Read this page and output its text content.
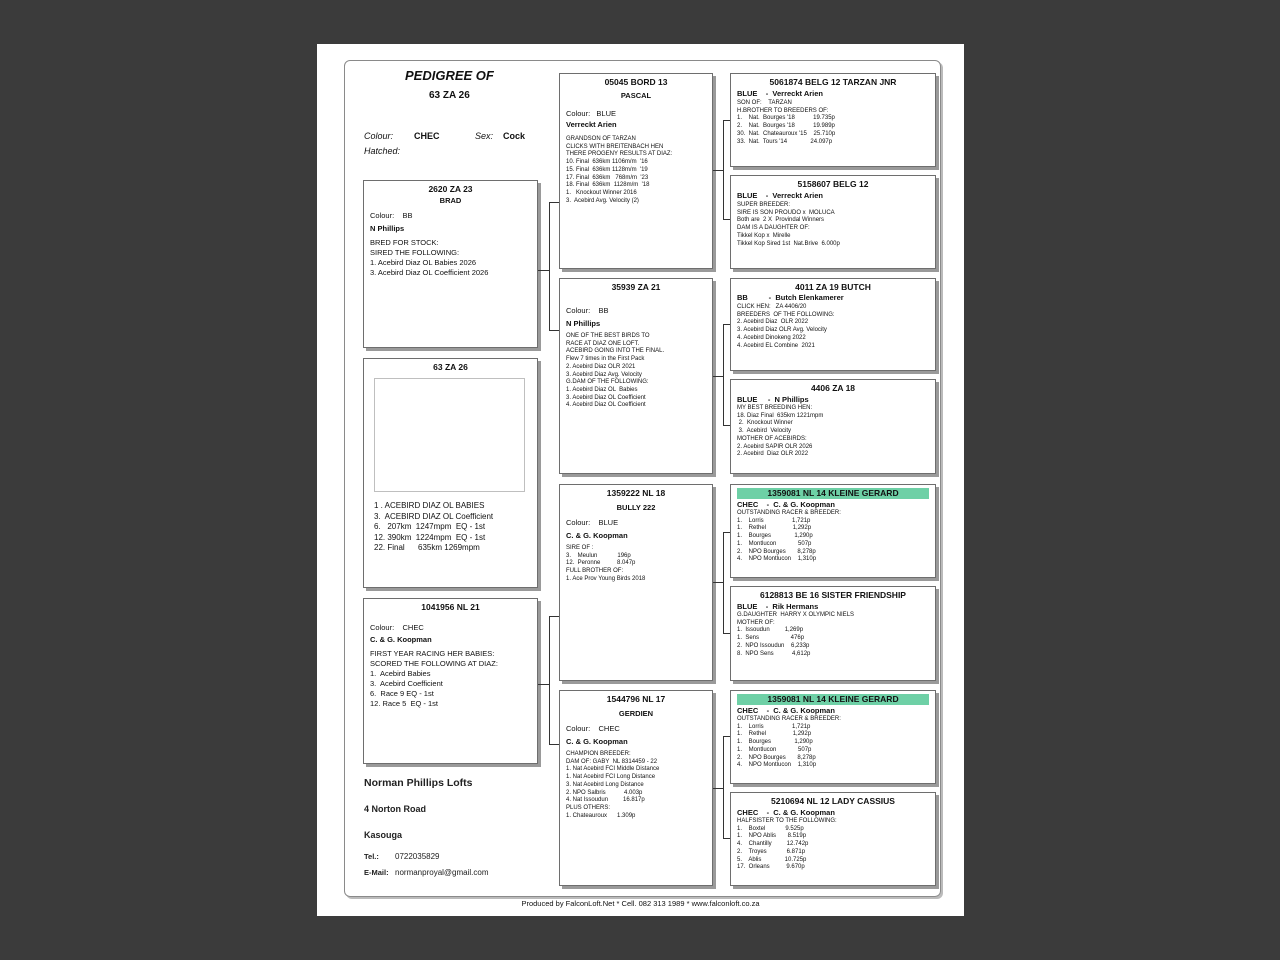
PEDIGREE OF
63 ZA 26
Colour: CHEC	Sex: Cock
Hatched:
2620 ZA 23
BRAD
Colour:    BB
N Phillips
BRED FOR STOCK:
SIRED THE FOLLOWING:
1. Acebird Diaz OL Babies 2026
3. Acebird Diaz OL Coefficient 2026
63 ZA 26
1 . ACEBIRD DIAZ OL BABIES
3.  ACEBIRD DIAZ OL Coefficient
6.   207km  1247mpm  EQ - 1st
12. 390km  1224mpm  EQ - 1st
22. Final      635km 1269mpm
1041956 NL 21
Colour:    CHEC
C. & G. Koopman
FIRST YEAR RACING HER BABIES:
SCORED THE FOLLOWING AT DIAZ:
1.  Acebird Babies
3.  Acebird Coefficient
6.  Race 9 EQ - 1st
12. Race 5  EQ - 1st
Norman Phillips Lofts
4 Norton Road
Kasouga
Tel.: 0722035829
E-Mail: normanproyal@gmail.com
05045 BORD 13
PASCAL
Colour:   BLUE
Verreckt Arien
GRANDSON OF TARZAN
CLICKS WITH BREITENBACH HEN
THERE PROGENY RESULTS AT DIAZ:
10. Final  636km 1106m/m  '16
15. Final  636km 1128m/m  '19
17. Final  636km   768m/m  '23
18. Final  636km  1128m/m  '18
1.   Knockout Winner 2016
3.  Acebird Avg. Velocity (2)
35939 ZA 21
Colour:    BB
N Phillips
ONE OF THE BEST BIRDS TO
RACE AT DIAZ ONE LOFT.
ACEBIRD GOING INTO THE FINAL.
Flew 7 times in the First Pack
2. Acebird Diaz OLR 2021
3. Acebird Diaz Avg. Velocity
G.DAM OF THE FOLLOWING:
1. Acebird Diaz OL  Babies
3. Acebird Diaz OL Coefficient
4. Acebird Diaz OL Coefficient
1359222 NL 18
BULLY 222
Colour:    BLUE
C. & G. Koopman
SIRE OF :
3.    Meulun            196p
12.  Peronne          8.047p
FULL BROTHER OF:
1. Ace Prov Young Birds 2018
1544796 NL 17
GERDIEN
Colour:    CHEC
C. & G. Koopman
CHAMPION BREEDER:
DAM OF: GABY  NL 8314459 - 22
1. Nat Acebird FCI Middle Distance
1. Nat Acebird FCI Long Distance
3. Nat Acebird Long Distance
2. NPO Salbris           4.003p
4. Nat Issoudun         16.817p
PLUS OTHERS:
1. Chateauroux      1.309p
5061874 BELG 12 TARZAN JNR
BLUE    -  Verreckt Arien
SON OF:    TARZAN
H.BROTHER TO BREEDERS OF:
1.    Nat.  Bourges '18           19.735p
2.    Nat.  Bourges '18           19.989p
30.  Nat.  Chateauroux '15    25.710p
33.  Nat.  Tours '14              24.097p
5158607 BELG 12
BLUE    -  Verreckt Arien
SUPER BREEDER:
SIRE IS SON PROUDO x  MOLUCA
Both are  2 X  Provindal Winners
DAM IS A DAUGHTER OF:
Tikkel Kop x  Mirelle
Tikkel Kop Sired 1st  Nat.Brive  6.000p
4011 ZA 19 BUTCH
BB          -  Butch Elenkamerer
CLICK HEN:   ZA 4406/20
BREEDERS  OF THE FOLLOWING:
2. Acebird Diaz  OLR 2022
3. Acebird Diaz OLR Avg. Velocity
4. Acebird Dinokeng 2022
4. Acebird EL Combine  2021
4406 ZA 18
BLUE     -  N Phillips
MY BEST BREEDING HEN:
18. Diaz Final  635km 1221mpm
2.  Knockout Winner
3.  Acebird  Velocity
MOTHER OF ACEBIRDS:
2. Acebird SAPIR OLR 2026
2. Acebird  Diaz OLR 2022
1359081 NL 14 KLEINE GERARD
CHEC    -  C. & G. Koopman
OUTSTANDING RACER & BREEDER:
1.    Lorris                 1,721p
1.    Rethel                1,292p
1.    Bourges              1,290p
1.    Montlucon             507p
2.    NPO Bourges       8,278p
4.    NPO Montlucon    1,310p
6128813 BE 16 SISTER FRIENDSHIP
BLUE    -  Rik Hermans
G.DAUGHTER  HARRY X OLYMPIC NIELS
MOTHER OF:
1.  Issoudun         1,269p
1.  Sens                   476p
2.  NPO Issoudun    6,233p
8.  NPO Sens           4,612p
1359081 NL 14 KLEINE GERARD
CHEC    -  C. & G. Koopman
OUTSTANDING RACER & BREEDER:
1.    Lorris                 1,721p
1.    Rethel                1,292p
1.    Bourges              1,290p
1.    Montlucon             507p
2.    NPO Bourges       8,278p
4.    NPO Montlucon    1,310p
5210694 NL 12 LADY CASSIUS
CHEC    -  C. & G. Koopman
HALFSISTER TO THE FOLLOWING:
1.    Boxtel            9.525p
1.    NPO Ablis       8.519p
4.    Chantilly         12.742p
2.    Troyes            6.871p
5.    Ablis              10.725p
17.  Orleans          9.670p
Produced by FalconLoft.Net * Cell. 082 313 1989 * www.falconloft.co.za
